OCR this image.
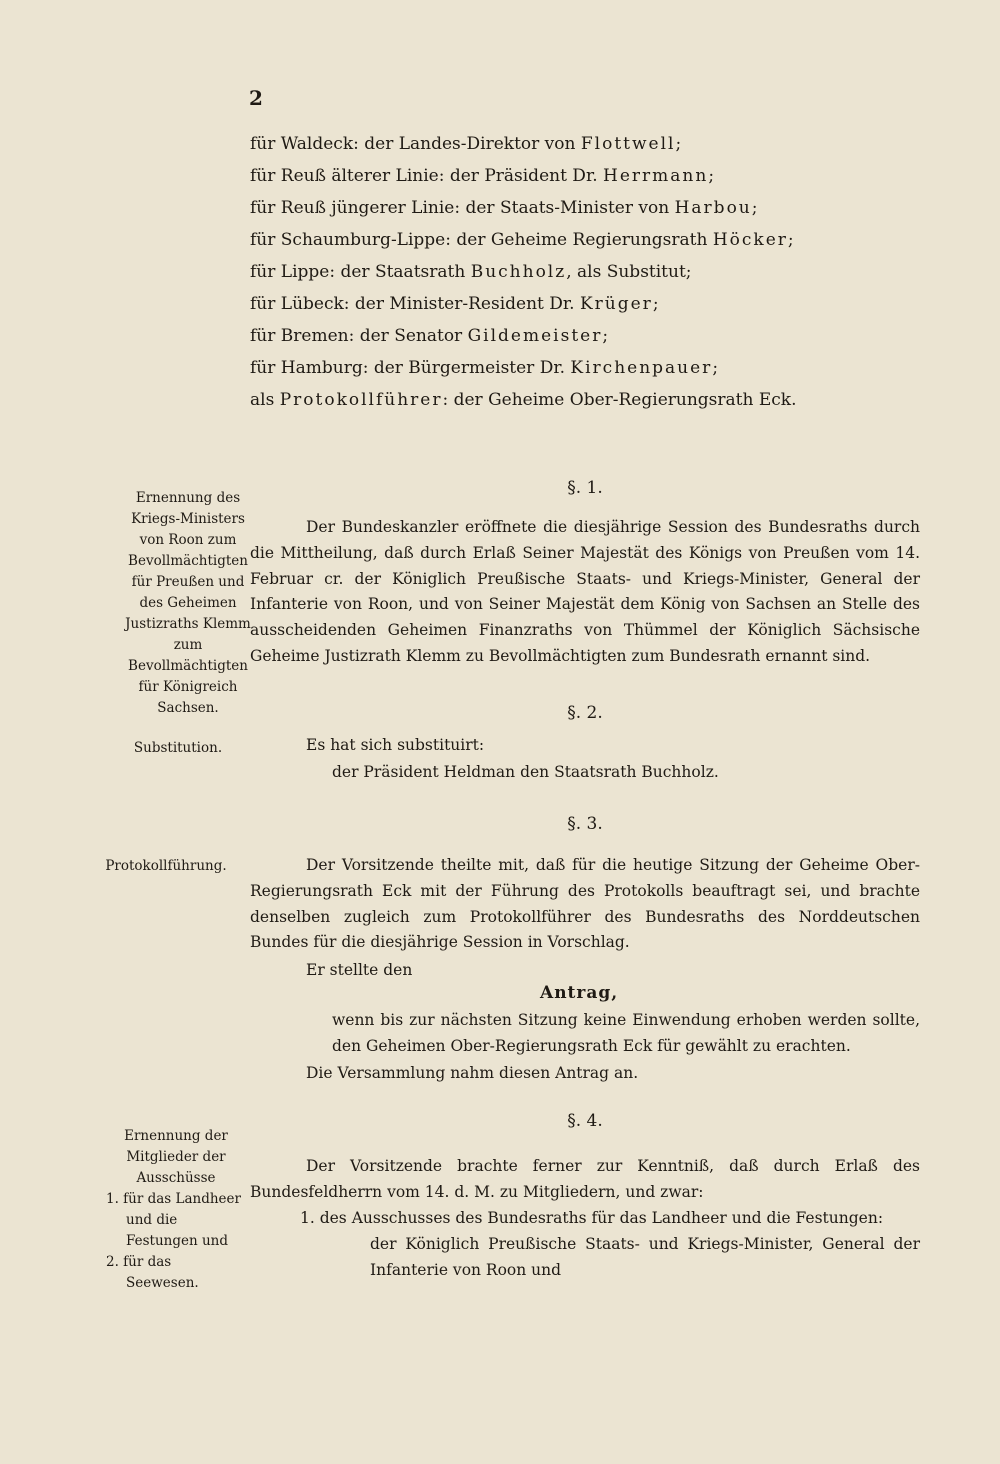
2
für Waldeck: der Landes-Direktor von Flottwell;
für Reuß älterer Linie: der Präsident Dr. Herrmann;
für Reuß jüngerer Linie: der Staats-Minister von Harbou;
für Schaumburg-Lippe: der Geheime Regierungsrath Höcker;
für Lippe: der Staatsrath Buchholz, als Substitut;
für Lübeck: der Minister-Resident Dr. Krüger;
für Bremen: der Senator Gildemeister;
für Hamburg: der Bürgermeister Dr. Kirchenpauer;
als Protokollführer: der Geheime Ober-Regierungsrath Eck.
§. 1.
Ernennung des Kriegs-Ministers von Roon zum Bevollmächtigten für Preußen und des Geheimen Justizraths Klemm zum Bevollmächtigten für Königreich Sachsen.
Der Bundeskanzler eröffnete die diesjährige Session des Bundesraths durch die Mittheilung, daß durch Erlaß Seiner Majestät des Königs von Preußen vom 14. Februar cr. der Königlich Preußische Staats- und Kriegs-Minister, General der Infanterie von Roon, und von Seiner Majestät dem König von Sachsen an Stelle des ausscheidenden Geheimen Finanzraths von Thümmel der Königlich Sächsische Geheime Justizrath Klemm zu Bevollmächtigten zum Bundesrath ernannt sind.
§. 2.
Substitution.	Es hat sich substituirt:
der Präsident Heldman den Staatsrath Buchholz.
§. 3.
Protokollführung.	Der Vorsitzende theilte mit, daß für die heutige Sitzung der Geheime Ober-Regierungsrath Eck mit der Führung des Protokolls beauftragt sei, und brachte denselben zugleich zum Protokollführer des Bundesraths des Norddeutschen Bundes für die diesjährige Session in Vorschlag.
Er stellte den
Antrag,
wenn bis zur nächsten Sitzung keine Einwendung erhoben werden sollte, den Geheimen Ober-Regierungsrath Eck für gewählt zu erachten.
Die Versammlung nahm diesen Antrag an.
§. 4.
Ernennung der Mitglieder der Ausschüsse
1. für das Landheer und die Festungen und
2. für das Seewesen.
Der Vorsitzende brachte ferner zur Kenntniß, daß durch Erlaß des Bundesfeldherrn vom 14. d. M. zu Mitgliedern, und zwar:
1. des Ausschusses des Bundesraths für das Landheer und die Festungen:
der Königlich Preußische Staats- und Kriegs-Minister, General der Infanterie von Roon und
